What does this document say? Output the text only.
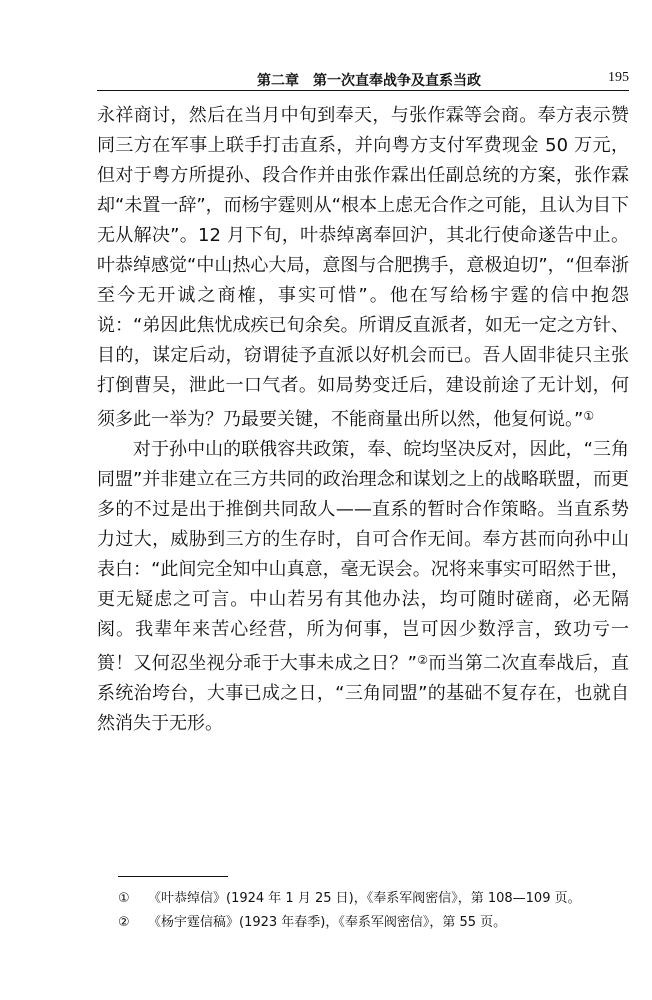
第二章　第一次直奉战争及直系当政	195

永祥商讨，然后在当月中旬到奉天，与张作霖等会商。奉方表示赞同三方在军事上联手打击直系，并向粤方支付军费现金 50 万元，但对于粤方所提孙、段合作并由张作霖出任副总统的方案，张作霖却“未置一辞”，而杨宇霆则从“根本上虑无合作之可能，且认为目下无从解决”。12 月下旬，叶恭绰离奉回沪，其北行使命遂告中止。叶恭绰感觉“中山热心大局，意图与合肥携手，意极迫切”，“但奉浙至今无开诚之商榷，事实可惜”。他在写给杨宇霆的信中抱怨说：“弟因此焦忧成疾已旬余矣。所谓反直派者，如无一定之方针、目的，谋定后动，窃谓徒予直派以好机会而已。吾人固非徒只主张打倒曹吴，泄此一口气者。如局势变迁后，建设前途了无计划，何须多此一举为？乃最要关键，不能商量出所以然，他复何说。”①

对于孙中山的联俄容共政策，奉、皖均坚决反对，因此，“三角同盟”并非建立在三方共同的政治理念和谋划之上的战略联盟，而更多的不过是出于推倒共同敌人——直系的暂时合作策略。当直系势力过大，威胁到三方的生存时，自可合作无间。奉方甚而向孙中山表白：“此间完全知中山真意，毫无误会。况将来事实可昭然于世，更无疑虑之可言。中山若另有其他办法，均可随时磋商，必无隔阂。我辈年来苦心经营，所为何事，岂可因少数浮言，致功亏一篑！又何忍坐视分乖于大事未成之日？”②而当第二次直奉战后，直系统治垮台，大事已成之日，“三角同盟”的基础不复存在，也就自然消失于无形。

① 《叶恭绰信》(1924 年 1 月 25 日)，《奉系军阀密信》，第 108—109 页。
② 《杨宇霆信稿》(1923 年春季)，《奉系军阀密信》，第 55 页。
